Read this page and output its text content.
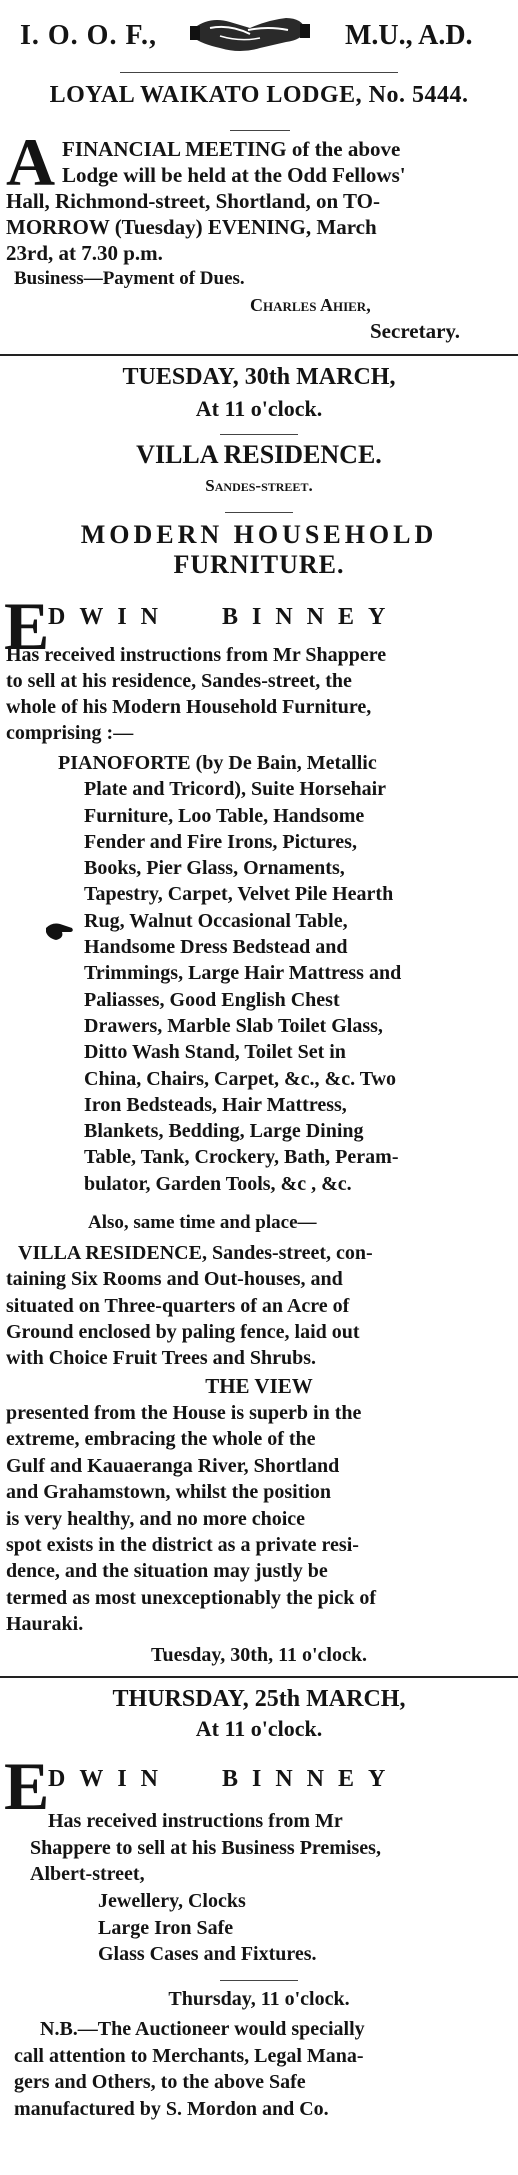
I. O. O. F.,	M.U., A.D.
LOYAL WAIKATO LODGE, No. 5444.
A FINANCIAL MEETING of the above
Lodge will be held at the Odd Fellows'
Hall, Richmond-street, Shortland, on TO-
MORROW (Tuesday) EVENING, March
23rd, at 7.30 p.m.
Business—Payment of Dues.
Charles Ahier,
Secretary.
TUESDAY, 30th MARCH,
At 11 o'clock.
VILLA RESIDENCE.
Sandes-street.
MODERN HOUSEHOLD
FURNITURE.
E
DWIN BINNEY
Has received instructions from Mr Shappere
to sell at his residence, Sandes-street, the
whole of his Modern Household Furniture,
comprising :—
PIANOFORTE (by De Bain, Metallic
Plate and Tricord), Suite Horsehair
Furniture, Loo Table, Handsome
Fender and Fire Irons, Pictures,
Books, Pier Glass, Ornaments,
Tapestry, Carpet, Velvet Pile Hearth
Rug, Walnut Occasional Table,
Handsome Dress Bedstead and
Trimmings, Large Hair Mattress and
Paliasses, Good English Chest
Drawers, Marble Slab Toilet Glass,
Ditto Wash Stand, Toilet Set in
China, Chairs, Carpet, &c., &c. Two
Iron Bedsteads, Hair Mattress,
Blankets, Bedding, Large Dining
Table, Tank, Crockery, Bath, Peram-
bulator, Garden Tools, &c , &c.
Also, same time and place—
VILLA RESIDENCE, Sandes-street, con-
taining Six Rooms and Out-houses, and
situated on Three-quarters of an Acre of
Ground enclosed by paling fence, laid out
with Choice Fruit Trees and Shrubs.
THE VIEW
presented from the House is superb in the
extreme, embracing the whole of the
Gulf and Kauaeranga River, Shortland
and Grahamstown, whilst the position
is very healthy, and no more choice
spot exists in the district as a private resi-
dence, and the situation may justly be
termed as most unexceptionably the pick of
Hauraki.
Tuesday, 30th, 11 o'clock.
THURSDAY, 25th MARCH,
At 11 o'clock.
E
DWIN BINNEY
Has received instructions from Mr
Shappere to sell at his Business Premises,
Albert-street,
Jewellery, Clocks
Large Iron Safe
Glass Cases and Fixtures.
Thursday, 11 o'clock.
N.B.—The Auctioneer would specially
call attention to Merchants, Legal Mana-
gers and Others, to the above Safe
manufactured by S. Mordon and Co.
